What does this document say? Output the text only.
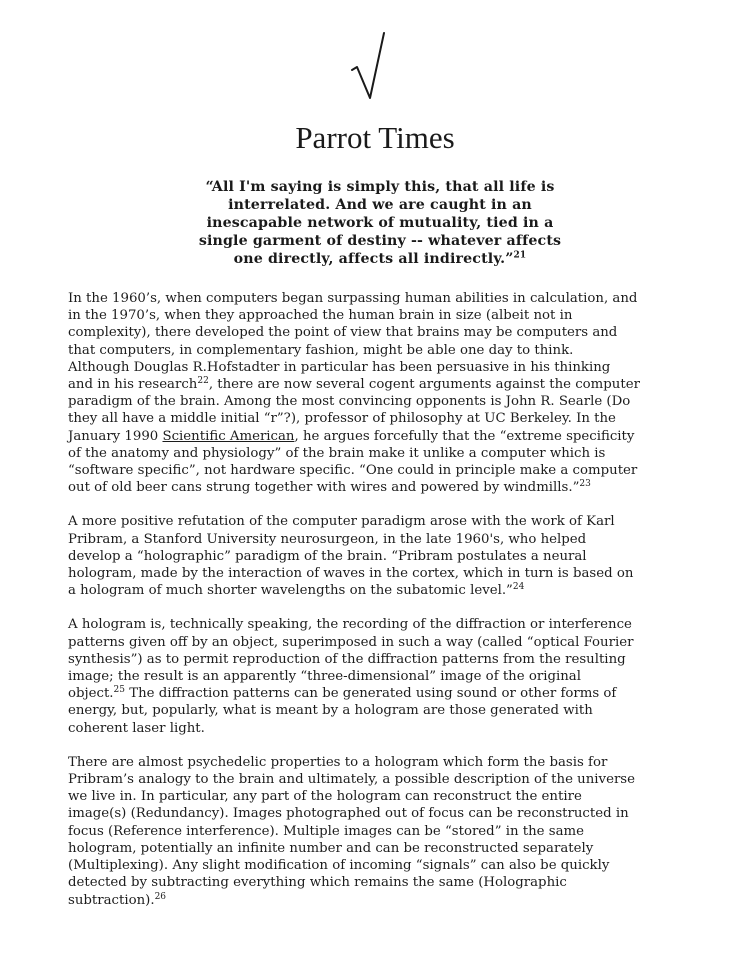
Parrot Times
“All I'm saying is simply this, that all life is
interrelated. And we are caught in an
inescapable network of mutuality, tied in a
single garment of destiny -- whatever affects
one directly, affects all indirectly.”$^{21}$
In the 1960’s, when computers began surpassing human abilities in calculation, and
in the 1970’s, when they approached the human brain in size (albeit not in
complexity), there developed the point of view that brains may be computers and
that computers, in complementary fashion, might be able one day to think.
Although Douglas R.Hofstadter in particular has been persuasive in his thinking
and in his research$^{22}$, there are now several cogent arguments against the computer
paradigm of the brain. Among the most convincing opponents is John R. Searle (Do
they all have a middle initial “r”?), professor of philosophy at UC Berkeley. In the
January 1990 Scientific American, he argues forcefully that the “extreme specificity
of the anatomy and physiology” of the brain make it unlike a computer which is
“software specific”, not hardware specific. “One could in principle make a computer
out of old beer cans strung together with wires and powered by windmills.”$^{23}$
A more positive refutation of the computer paradigm arose with the work of Karl
Pribram, a Stanford University neurosurgeon, in the late 1960's, who helped
develop a “holographic” paradigm of the brain. “Pribram postulates a neural
hologram, made by the interaction of waves in the cortex, which in turn is based on
a hologram of much shorter wavelengths on the subatomic level.”$^{24}$
A hologram is, technically speaking, the recording of the diffraction or interference
patterns given off by an object, superimposed in such a way (called “optical Fourier
synthesis”) as to permit reproduction of the diffraction patterns from the resulting
image; the result is an apparently “three-dimensional” image of the original
object.$^{25}$ The diffraction patterns can be generated using sound or other forms of
energy, but, popularly, what is meant by a hologram are those generated with
coherent laser light.
There are almost psychedelic properties to a hologram which form the basis for
Pribram’s analogy to the brain and ultimately, a possible description of the universe
we live in. In particular, any part of the hologram can reconstruct the entire
image(s) (Redundancy). Images photographed out of focus can be reconstructed in
focus (Reference interference). Multiple images can be “stored” in the same
hologram, potentially an infinite number and can be reconstructed separately
(Multiplexing). Any slight modification of incoming “signals” can also be quickly
detected by subtracting everything which remains the same (Holographic
subtraction).$^{26}$
